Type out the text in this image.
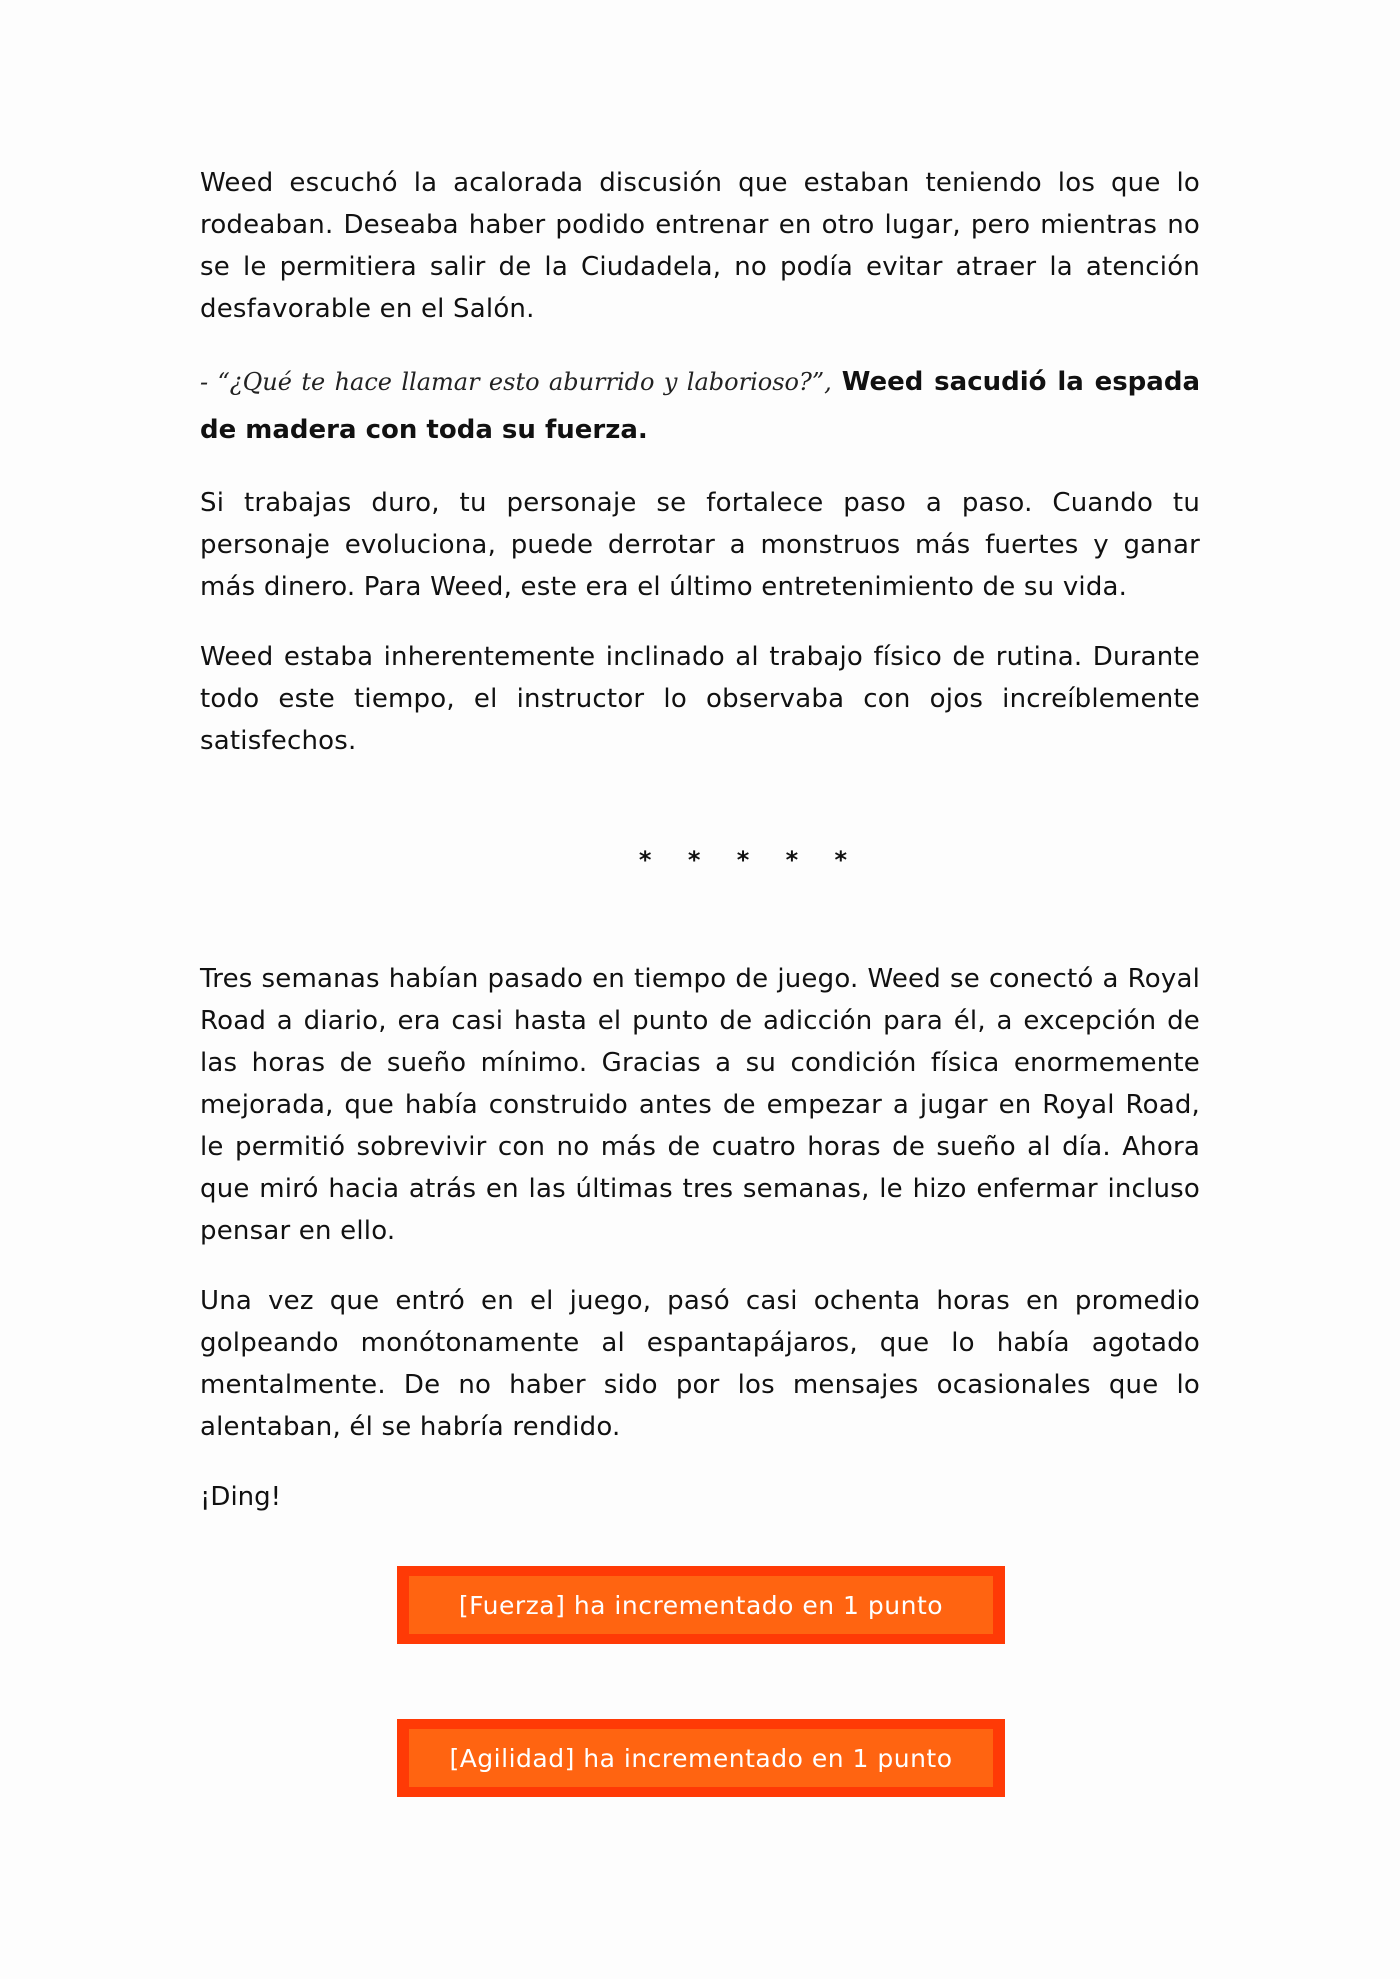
Weed escuchó la acalorada discusión que estaban teniendo los que lo rodeaban. Deseaba haber podido entrenar en otro lugar, pero mientras no se le permitiera salir de la Ciudadela, no podía evitar atraer la atención desfavorable en el Salón.

- “¿Qué te hace llamar esto aburrido y laborioso?”, Weed sacudió la espada de madera con toda su fuerza.

Si trabajas duro, tu personaje se fortalece paso a paso. Cuando tu personaje evoluciona, puede derrotar a monstruos más fuertes y ganar más dinero. Para Weed, este era el último entretenimiento de su vida.

Weed estaba inherentemente inclinado al trabajo físico de rutina. Durante todo este tiempo, el instructor lo observaba con ojos increíblemente satisfechos.

* * * * *

Tres semanas habían pasado en tiempo de juego. Weed se conectó a Royal Road a diario, era casi hasta el punto de adicción para él, a excepción de las horas de sueño mínimo. Gracias a su condición física enormemente mejorada, que había construido antes de empezar a jugar en Royal Road, le permitió sobrevivir con no más de cuatro horas de sueño al día. Ahora que miró hacia atrás en las últimas tres semanas, le hizo enfermar incluso pensar en ello.

Una vez que entró en el juego, pasó casi ochenta horas en promedio golpeando monótonamente al espantapájaros, que lo había agotado mentalmente. De no haber sido por los mensajes ocasionales que lo alentaban, él se habría rendido.

¡Ding!

[Fuerza] ha incrementado en 1 punto
[Agilidad] ha incrementado en 1 punto
